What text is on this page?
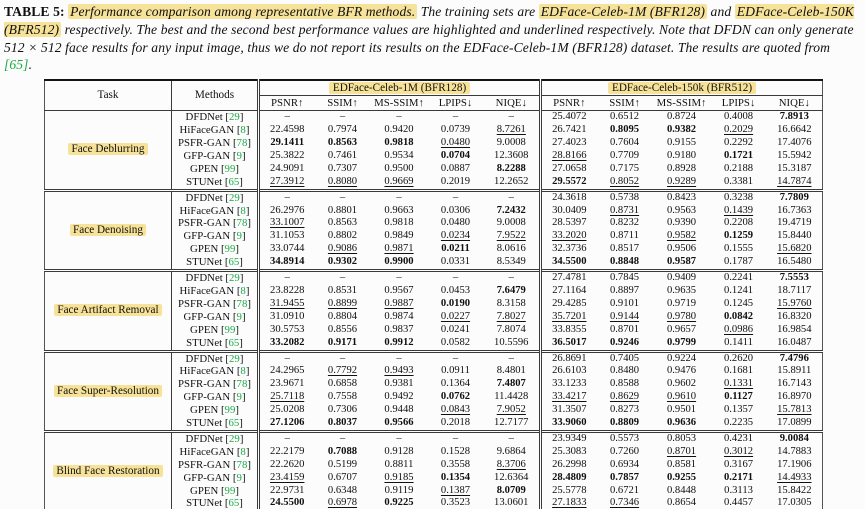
TABLE 5: Performance comparison among representative BFR methods. The training sets are EDFace-Celeb-1M (BFR128) and EDFace-Celeb-150K (BFR512) respectively. The best and the second best performance values are highlighted and underlined respectively. Note that DFDN can only generate 512 × 512 face results for any input image, thus we do not report its results on the EDFace-Celeb-1M (BFR128) dataset. The results are quoted from [65].

Task	Methods	EDFace-Celeb-1M (BFR128)					EDFace-Celeb-150k (BFR512)				
		PSNR↑	SSIM↑	MS-SSIM↑	LPIPS↓	NIQE↓	PSNR↑	SSIM↑	MS-SSIM↑	LPIPS↓	NIQE↓
Face Deblurring	DFDNet [29]	–	–	–	–	–	25.4072	0.6512	0.8724	0.4008	7.8913
	HiFaceGAN [8]	22.4598	0.7974	0.9420	0.0739	8.7261	26.7421	0.8095	0.9382	0.2029	16.6642
	PSFR-GAN [78]	29.1411	0.8563	0.9818	0.0480	9.0008	27.4023	0.7604	0.9155	0.2292	17.4076
	GFP-GAN [9]	25.3822	0.7461	0.9534	0.0704	12.3608	28.8166	0.7709	0.9180	0.1721	15.5942
	GPEN [99]	24.9091	0.7307	0.9500	0.0887	8.2288	27.0658	0.7175	0.8928	0.2188	15.3187
	STUNet [65]	27.3912	0.8080	0.9669	0.2019	12.2652	29.5572	0.8052	0.9289	0.3381	14.7874
Face Denoising	DFDNet [29]	–	–	–	–	–	24.3618	0.5738	0.8423	0.3238	7.7809
	HiFaceGAN [8]	26.2976	0.8801	0.9663	0.0306	7.2432	30.0409	0.8731	0.9563	0.1439	16.7363
	PSFR-GAN [78]	33.1007	0.8563	0.9818	0.0480	9.0008	28.5397	0.8232	0.9390	0.2208	19.4719
	GFP-GAN [9]	31.1053	0.8802	0.9849	0.0234	7.9522	33.2020	0.8711	0.9582	0.1259	15.8440
	GPEN [99]	33.0744	0.9086	0.9871	0.0211	8.0616	32.3736	0.8517	0.9506	0.1555	15.6820
	STUNet [65]	34.8914	0.9302	0.9900	0.0331	8.5349	34.5500	0.8848	0.9587	0.1787	16.5480
Face Artifact Removal	DFDNet [29]	–	–	–	–	–	27.4781	0.7845	0.9409	0.2241	7.5553
	HiFaceGAN [8]	23.8228	0.8531	0.9567	0.0453	7.6479	27.1164	0.8897	0.9635	0.1241	18.7117
	PSFR-GAN [78]	31.9455	0.8899	0.9887	0.0190	8.3158	29.4285	0.9101	0.9719	0.1245	15.9760
	GFP-GAN [9]	31.0910	0.8804	0.9874	0.0227	7.8027	35.7201	0.9144	0.9780	0.0842	16.8320
	GPEN [99]	30.5753	0.8556	0.9837	0.0241	7.8074	33.8355	0.8701	0.9657	0.0986	16.9854
	STUNet [65]	33.2082	0.9171	0.9912	0.0582	10.5596	36.5017	0.9246	0.9799	0.1411	16.0487
Face Super-Resolution	DFDNet [29]	–	–	–	–	–	26.8691	0.7405	0.9224	0.2620	7.4796
	HiFaceGAN [8]	24.2965	0.7792	0.9493	0.0911	8.4801	26.6103	0.8480	0.9476	0.1681	15.8911
	PSFR-GAN [78]	23.9671	0.6858	0.9381	0.1364	7.4807	33.1233	0.8588	0.9602	0.1331	16.7143
	GFP-GAN [9]	25.7118	0.7558	0.9492	0.0762	11.4428	33.4217	0.8629	0.9610	0.1127	16.8970
	GPEN [99]	25.0208	0.7306	0.9448	0.0843	7.9052	31.3507	0.8273	0.9501	0.1357	15.7813
	STUNet [65]	27.1206	0.8037	0.9566	0.2018	12.7177	33.9060	0.8809	0.9636	0.2235	17.0899
Blind Face Restoration	DFDNet [29]	–	–	–	–	–	23.9349	0.5573	0.8053	0.4231	9.0084
	HiFaceGAN [8]	22.2179	0.7088	0.9128	0.1528	9.6864	25.3083	0.7260	0.8701	0.3012	14.7883
	PSFR-GAN [78]	22.2620	0.5199	0.8811	0.3558	8.3706	26.2998	0.6934	0.8581	0.3167	17.1906
	GFP-GAN [9]	23.4159	0.6707	0.9185	0.1354	12.6364	28.4809	0.7857	0.9255	0.2171	14.4933
	GPEN [99]	22.9731	0.6348	0.9119	0.1387	8.0709	25.5778	0.6721	0.8448	0.3113	15.8422
	STUNet [65]	24.5500	0.6978	0.9225	0.3523	13.0601	27.1833	0.7346	0.8654	0.4457	17.0305
